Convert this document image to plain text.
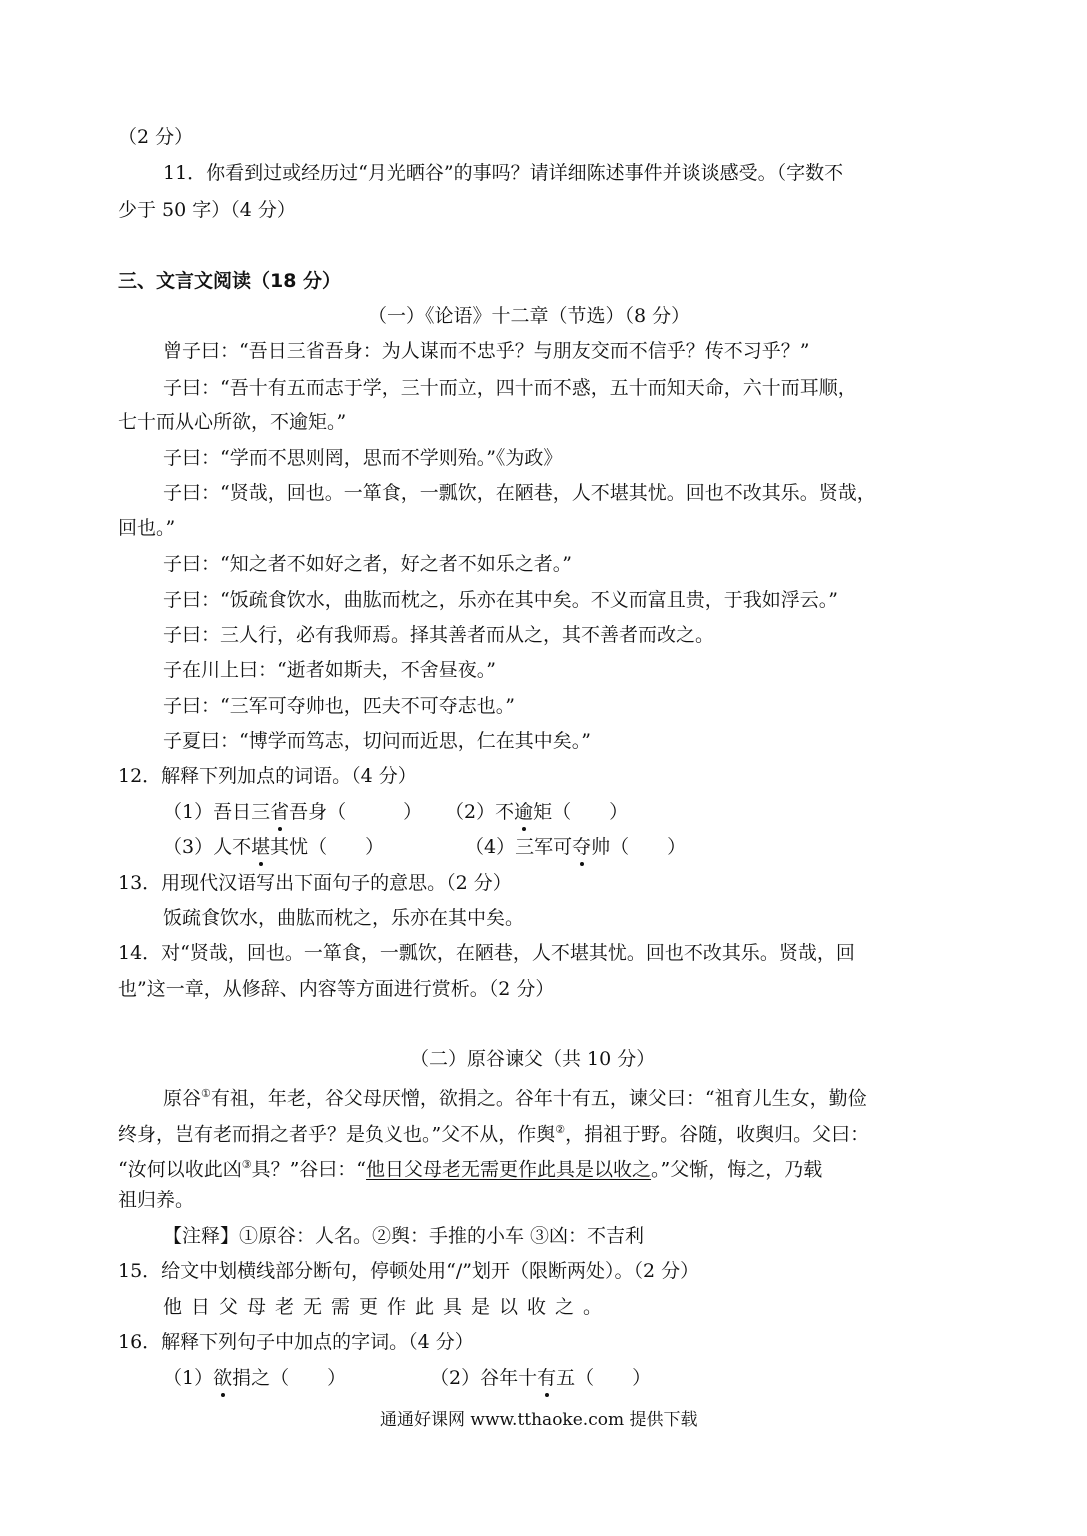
（2 分）
11．你看到过或经历过“月光晒谷”的事吗？请详细陈述事件并谈谈感受。（字数不
少于 50 字）（4 分）
三、文言文阅读（18 分）
（一）《论语》十二章（节选）（8 分）
曾子曰：“吾日三省吾身：为人谋而不忠乎？与朋友交而不信乎？传不习乎？”
子曰：“吾十有五而志于学，三十而立，四十而不惑，五十而知天命，六十而耳顺，
七十而从心所欲，不逾矩。”
子曰：“学而不思则罔，思而不学则殆。”《为政》
子曰：“贤哉，回也。一箪食，一瓢饮，在陋巷，人不堪其忧。回也不改其乐。贤哉，
回也。”
子曰：“知之者不如好之者，好之者不如乐之者。”
子曰：“饭疏食饮水，曲肱而枕之，乐亦在其中矣。不义而富且贵，于我如浮云。”
子曰：三人行，必有我师焉。择其善者而从之，其不善者而改之。
子在川上曰：“逝者如斯夫，不舍昼夜。”
子曰：“三军可夺帅也，匹夫不可夺志也。”
子夏曰：“博学而笃志，切问而近思，仁在其中矣。”
12．解释下列加点的词语。（4 分）
（1）吾日三省吾身（　　　） （2）不逾矩（　　）
（3）人不堪其忧（　　）	（4）三军可夺帅（　　）
13．用现代汉语写出下面句子的意思。（2 分）
饭疏食饮水，曲肱而枕之，乐亦在其中矣。
14．对“贤哉，回也。一箪食，一瓢饮，在陋巷，人不堪其忧。回也不改其乐。贤哉，回
也”这一章，从修辞、内容等方面进行赏析。（2 分）
（二）原谷谏父（共 10 分）
原谷①有祖，年老，谷父母厌憎，欲捐之。谷年十有五，谏父曰：“祖育儿生女，勤俭
终身，岂有老而捐之者乎？是负义也。”父不从，作舆②，捐祖于野。谷随，收舆归。父曰：
“汝何以收此凶③具？”谷曰：“他日父母老无需更作此具是以收之。”父惭，悔之，乃载
祖归养。
【注释】①原谷：人名。②舆：手推的小车 ③凶：不吉利
15．给文中划横线部分断句，停顿处用“/”划开（限断两处）。（2 分）
他日父母老无需更作此具是以收之。
16．解释下列句子中加点的字词。（4 分）
（1）欲捐之（　　）	（2）谷年十有五（　　）
通通好课网 www.tthaoke.com 提供下载
